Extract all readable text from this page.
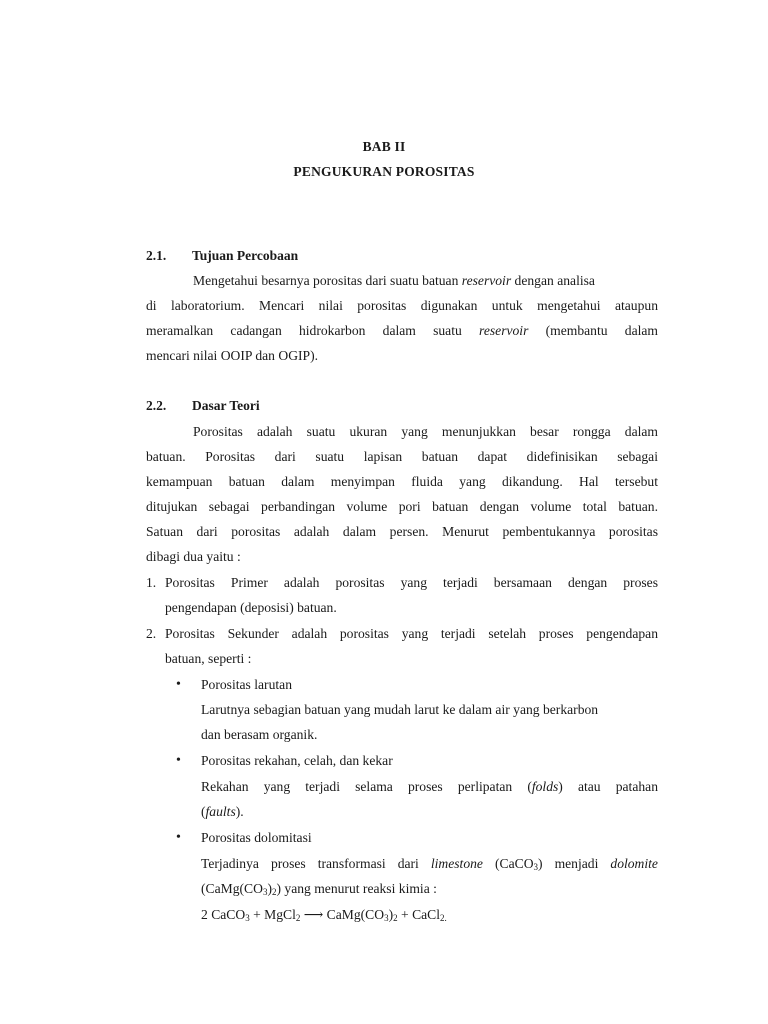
BAB II
PENGUKURAN POROSITAS
2.1. Tujuan Percobaan
Mengetahui besarnya porositas dari suatu batuan reservoir dengan analisa
di laboratorium. Mencari nilai porositas digunakan untuk mengetahui ataupun
meramalkan cadangan hidrokarbon dalam suatu reservoir (membantu dalam
mencari nilai OOIP dan OGIP).
2.2. Dasar Teori
Porositas adalah suatu ukuran yang menunjukkan besar rongga dalam
batuan. Porositas dari suatu lapisan batuan dapat didefinisikan sebagai
kemampuan batuan dalam menyimpan fluida yang dikandung. Hal tersebut
ditujukan sebagai perbandingan volume pori batuan dengan volume total batuan.
Satuan dari porositas adalah dalam persen. Menurut pembentukannya porositas
dibagi dua yaitu :
1. Porositas Primer adalah porositas yang terjadi bersamaan dengan proses
pengendapan (deposisi) batuan.
2. Porositas Sekunder adalah porositas yang terjadi setelah proses pengendapan
batuan, seperti :
• Porositas larutan
Larutnya sebagian batuan yang mudah larut ke dalam air yang berkarbon
dan berasam organik.
• Porositas rekahan, celah, dan kekar
Rekahan yang terjadi selama proses perlipatan (folds) atau patahan
(faults).
• Porositas dolomitasi
Terjadinya proses transformasi dari limestone (CaCO$_3$) menjadi dolomite
$(CaMg(CO_3)_2)$ yang menurut reaksi kimia :
2 CaCO$_3$ + MgCl$_2$ ⟶ $CaMg(CO_3)_2$ + CaCl$_{2.}$
